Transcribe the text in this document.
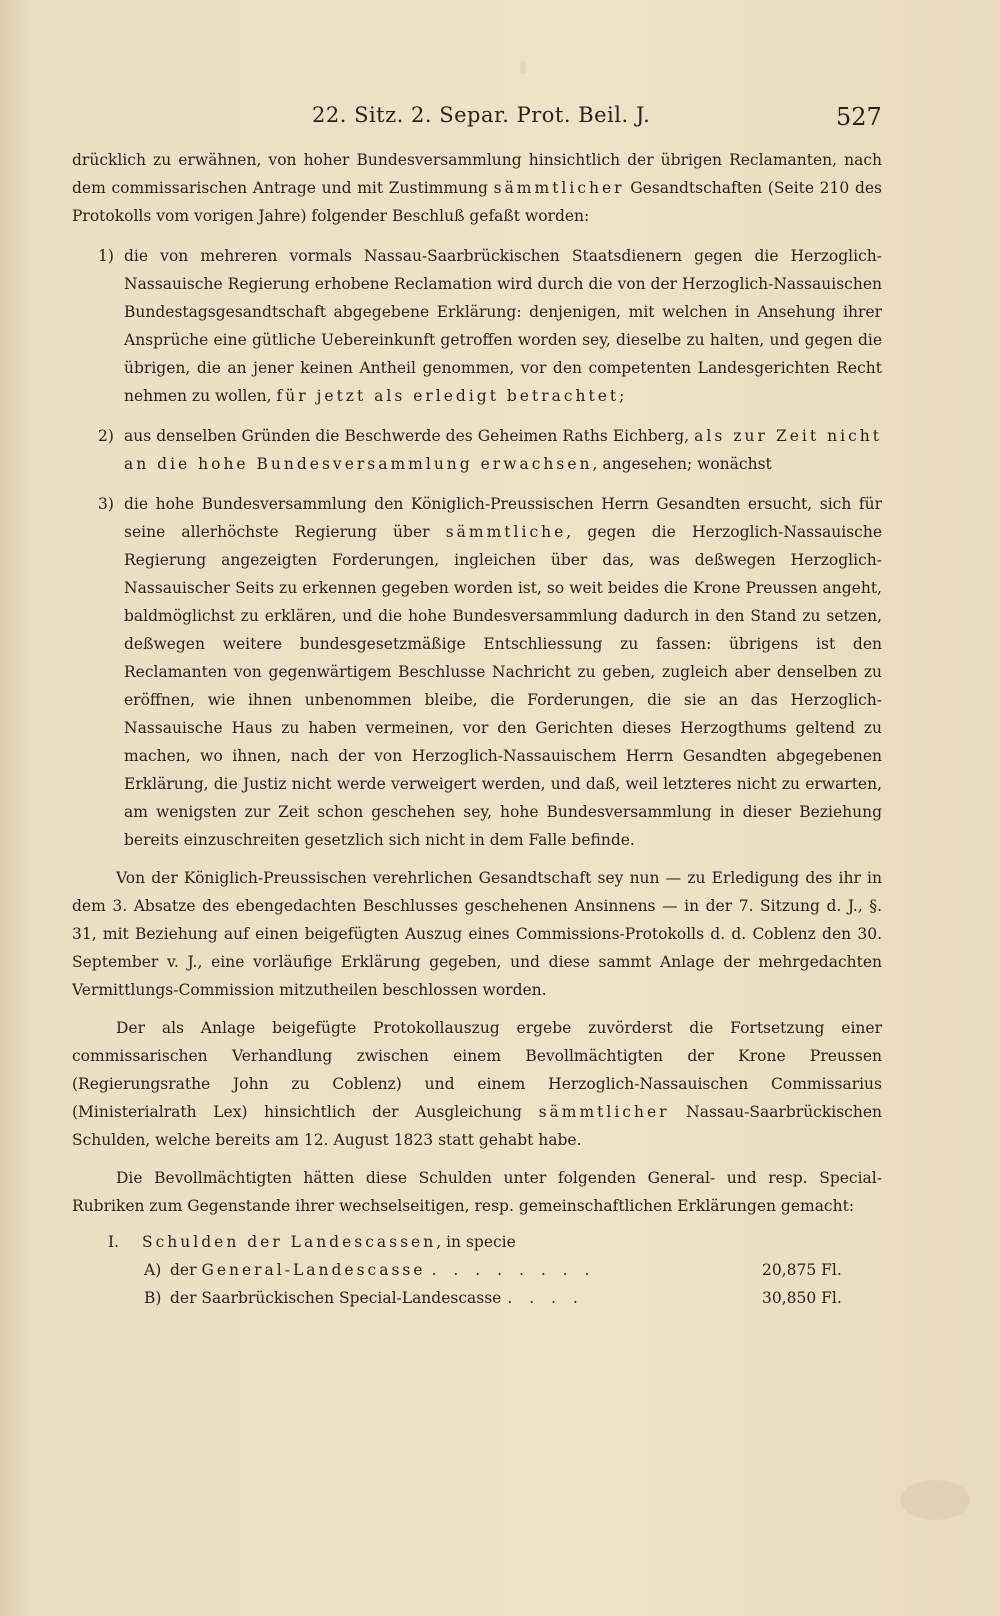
22. Sitz. 2. Separ. Prot. Beil. J.	527

drücklich zu erwähnen, von hoher Bundesversammlung hinsichtlich der übrigen Reclamanten, nach dem commissarischen Antrage und mit Zustimmung sämmtlicher Gesandtschaften (Seite 210 des Protokolls vom vorigen Jahre) folgender Beschluß gefaßt worden:

1) die von mehreren vormals Nassau-Saarbrückischen Staatsdienern gegen die Herzoglich-Nassauische Regierung erhobene Reclamation wird durch die von der Herzoglich-Nassauischen Bundestagsgesandtschaft abgegebene Erklärung: denjenigen, mit welchen in Ansehung ihrer Ansprüche eine gütliche Uebereinkunft getroffen worden sey, dieselbe zu halten, und gegen die übrigen, die an jener keinen Antheil genommen, vor den competenten Landesgerichten Recht nehmen zu wollen, für jetzt als erledigt betrachtet;

2) aus denselben Gründen die Beschwerde des Geheimen Raths Eichberg, als zur Zeit nicht an die hohe Bundesversammlung erwachsen, angesehen; wonächst

3) die hohe Bundesversammlung den Königlich-Preussischen Herrn Gesandten ersucht, sich für seine allerhöchste Regierung über sämmtliche, gegen die Herzoglich-Nassauische Regierung angezeigten Forderungen, ingleichen über das, was deßwegen Herzoglich-Nassauischer Seits zu erkennen gegeben worden ist, so weit beides die Krone Preussen angeht, baldmöglichst zu erklären, und die hohe Bundesversammlung dadurch in den Stand zu setzen, deßwegen weitere bundesgesetzmäßige Entschliessung zu fassen: übrigens ist den Reclamanten von gegenwärtigem Beschlusse Nachricht zu geben, zugleich aber denselben zu eröffnen, wie ihnen unbenommen bleibe, die Forderungen, die sie an das Herzoglich-Nassauische Haus zu haben vermeinen, vor den Gerichten dieses Herzogthums geltend zu machen, wo ihnen, nach der von Herzoglich-Nassauischem Herrn Gesandten abgegebenen Erklärung, die Justiz nicht werde verweigert werden, und daß, weil letzteres nicht zu erwarten, am wenigsten zur Zeit schon geschehen sey, hohe Bundesversammlung in dieser Beziehung bereits einzuschreiten gesetzlich sich nicht in dem Falle befinde.

Von der Königlich-Preussischen verehrlichen Gesandtschaft sey nun — zu Erledigung des ihr in dem 3. Absatze des ebengedachten Beschlusses geschehenen Ansinnens — in der 7. Sitzung d. J., §. 31, mit Beziehung auf einen beigefügten Auszug eines Commissions-Protokolls d. d. Coblenz den 30. September v. J., eine vorläufige Erklärung gegeben, und diese sammt Anlage der mehrgedachten Vermittlungs-Commission mitzutheilen beschlossen worden.

Der als Anlage beigefügte Protokollauszug ergebe zuvörderst die Fortsetzung einer commissarischen Verhandlung zwischen einem Bevollmächtigten der Krone Preussen (Regierungsrathe John zu Coblenz) und einem Herzoglich-Nassauischen Commissarius (Ministerialrath Lex) hinsichtlich der Ausgleichung sämmtlicher Nassau-Saarbrückischen Schulden, welche bereits am 12. August 1823 statt gehabt habe.

Die Bevollmächtigten hätten diese Schulden unter folgenden General- und resp. Special-Rubriken zum Gegenstande ihrer wechselseitigen, resp. gemeinschaftlichen Erklärungen gemacht:

I. Schulden der Landescassen, in specie
A) der General-Landescasse . . . . . . . .	20,875 Fl.
B) der Saarbrückischen Special-Landescasse . . . .	30,850 Fl.
